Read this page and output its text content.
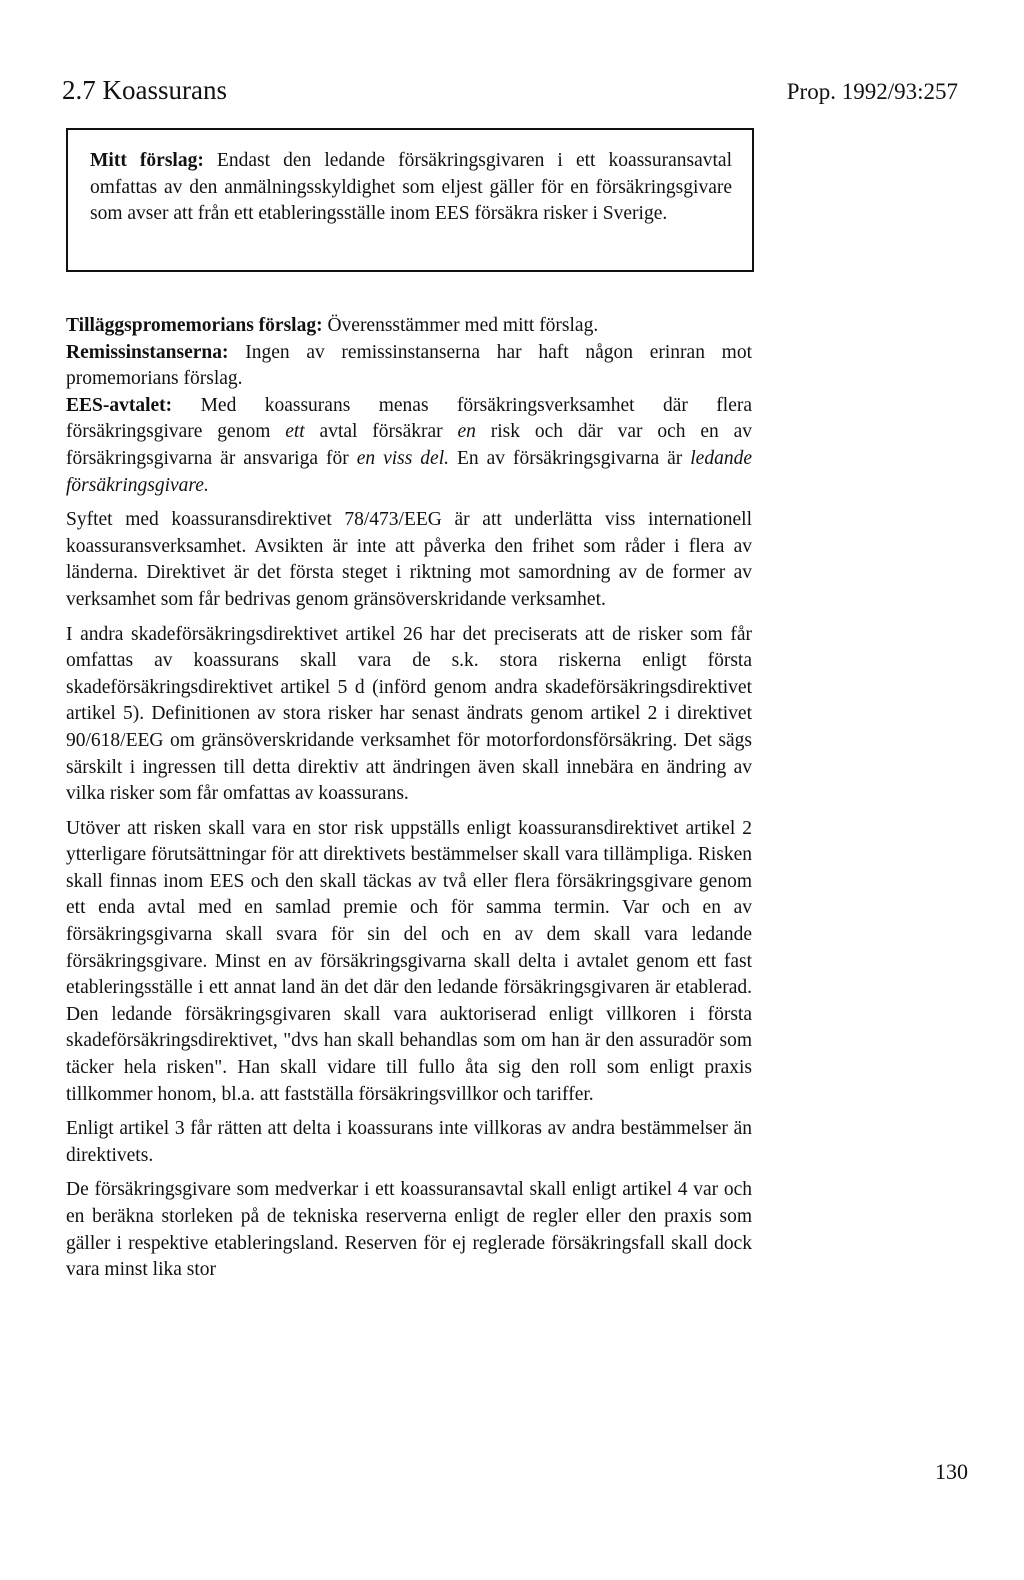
2.7 Koassurans	Prop. 1992/93:257
Mitt förslag: Endast den ledande försäkringsgivaren i ett koassuransavtal omfattas av den anmälningsskyldighet som eljest gäller för en försäkringsgivare som avser att från ett etableringsställe inom EES försäkra risker i Sverige.

Tilläggspromemorians förslag: Överensstämmer med mitt förslag.

Remissinstanserna: Ingen av remissinstanserna har haft någon erinran mot promemorians förslag.

EES-avtalet: Med koassurans menas försäkringsverksamhet där flera försäkringsgivare genom ett avtal försäkrar en risk och där var och en av försäkringsgivarna är ansvariga för en viss del. En av försäkringsgivarna är ledande försäkringsgivare.

Syftet med koassuransdirektivet 78/473/EEG är att underlätta viss internationell koassuransverksamhet. Avsikten är inte att påverka den frihet som råder i flera av länderna. Direktivet är det första steget i riktning mot samordning av de former av verksamhet som får bedrivas genom gränsöverskridande verksamhet.

I andra skadeförsäkringsdirektivet artikel 26 har det preciserats att de risker som får omfattas av koassurans skall vara de s.k. stora riskerna enligt första skadeförsäkringsdirektivet artikel 5 d (införd genom andra skadeförsäkringsdirektivet artikel 5). Definitionen av stora risker har senast ändrats genom artikel 2 i direktivet 90/618/EEG om gränsöverskridande verksamhet för motorfordonsförsäkring. Det sägs särskilt i ingressen till detta direktiv att ändringen även skall innebära en ändring av vilka risker som får omfattas av koassurans.

Utöver att risken skall vara en stor risk uppställs enligt koassuransdirektivet artikel 2 ytterligare förutsättningar för att direktivets bestämmelser skall vara tillämpliga. Risken skall finnas inom EES och den skall täckas av två eller flera försäkringsgivare genom ett enda avtal med en samlad premie och för samma termin. Var och en av försäkringsgivarna skall svara för sin del och en av dem skall vara ledande försäkringsgivare. Minst en av försäkringsgivarna skall delta i avtalet genom ett fast etableringsställe i ett annat land än det där den ledande försäkringsgivaren är etablerad. Den ledande försäkringsgivaren skall vara auktoriserad enligt villkoren i första skadeförsäkringsdirektivet, "dvs han skall behandlas som om han är den assuradör som täcker hela risken". Han skall vidare till fullo åta sig den roll som enligt praxis tillkommer honom, bl.a. att fastställa försäkringsvillkor och tariffer.

Enligt artikel 3 får rätten att delta i koassurans inte villkoras av andra bestämmelser än direktivets.

De försäkringsgivare som medverkar i ett koassuransavtal skall enligt artikel 4 var och en beräkna storleken på de tekniska reserverna enligt de regler eller den praxis som gäller i respektive etableringsland. Reserven för ej reglerade försäkringsfall skall dock vara minst lika stor

130
